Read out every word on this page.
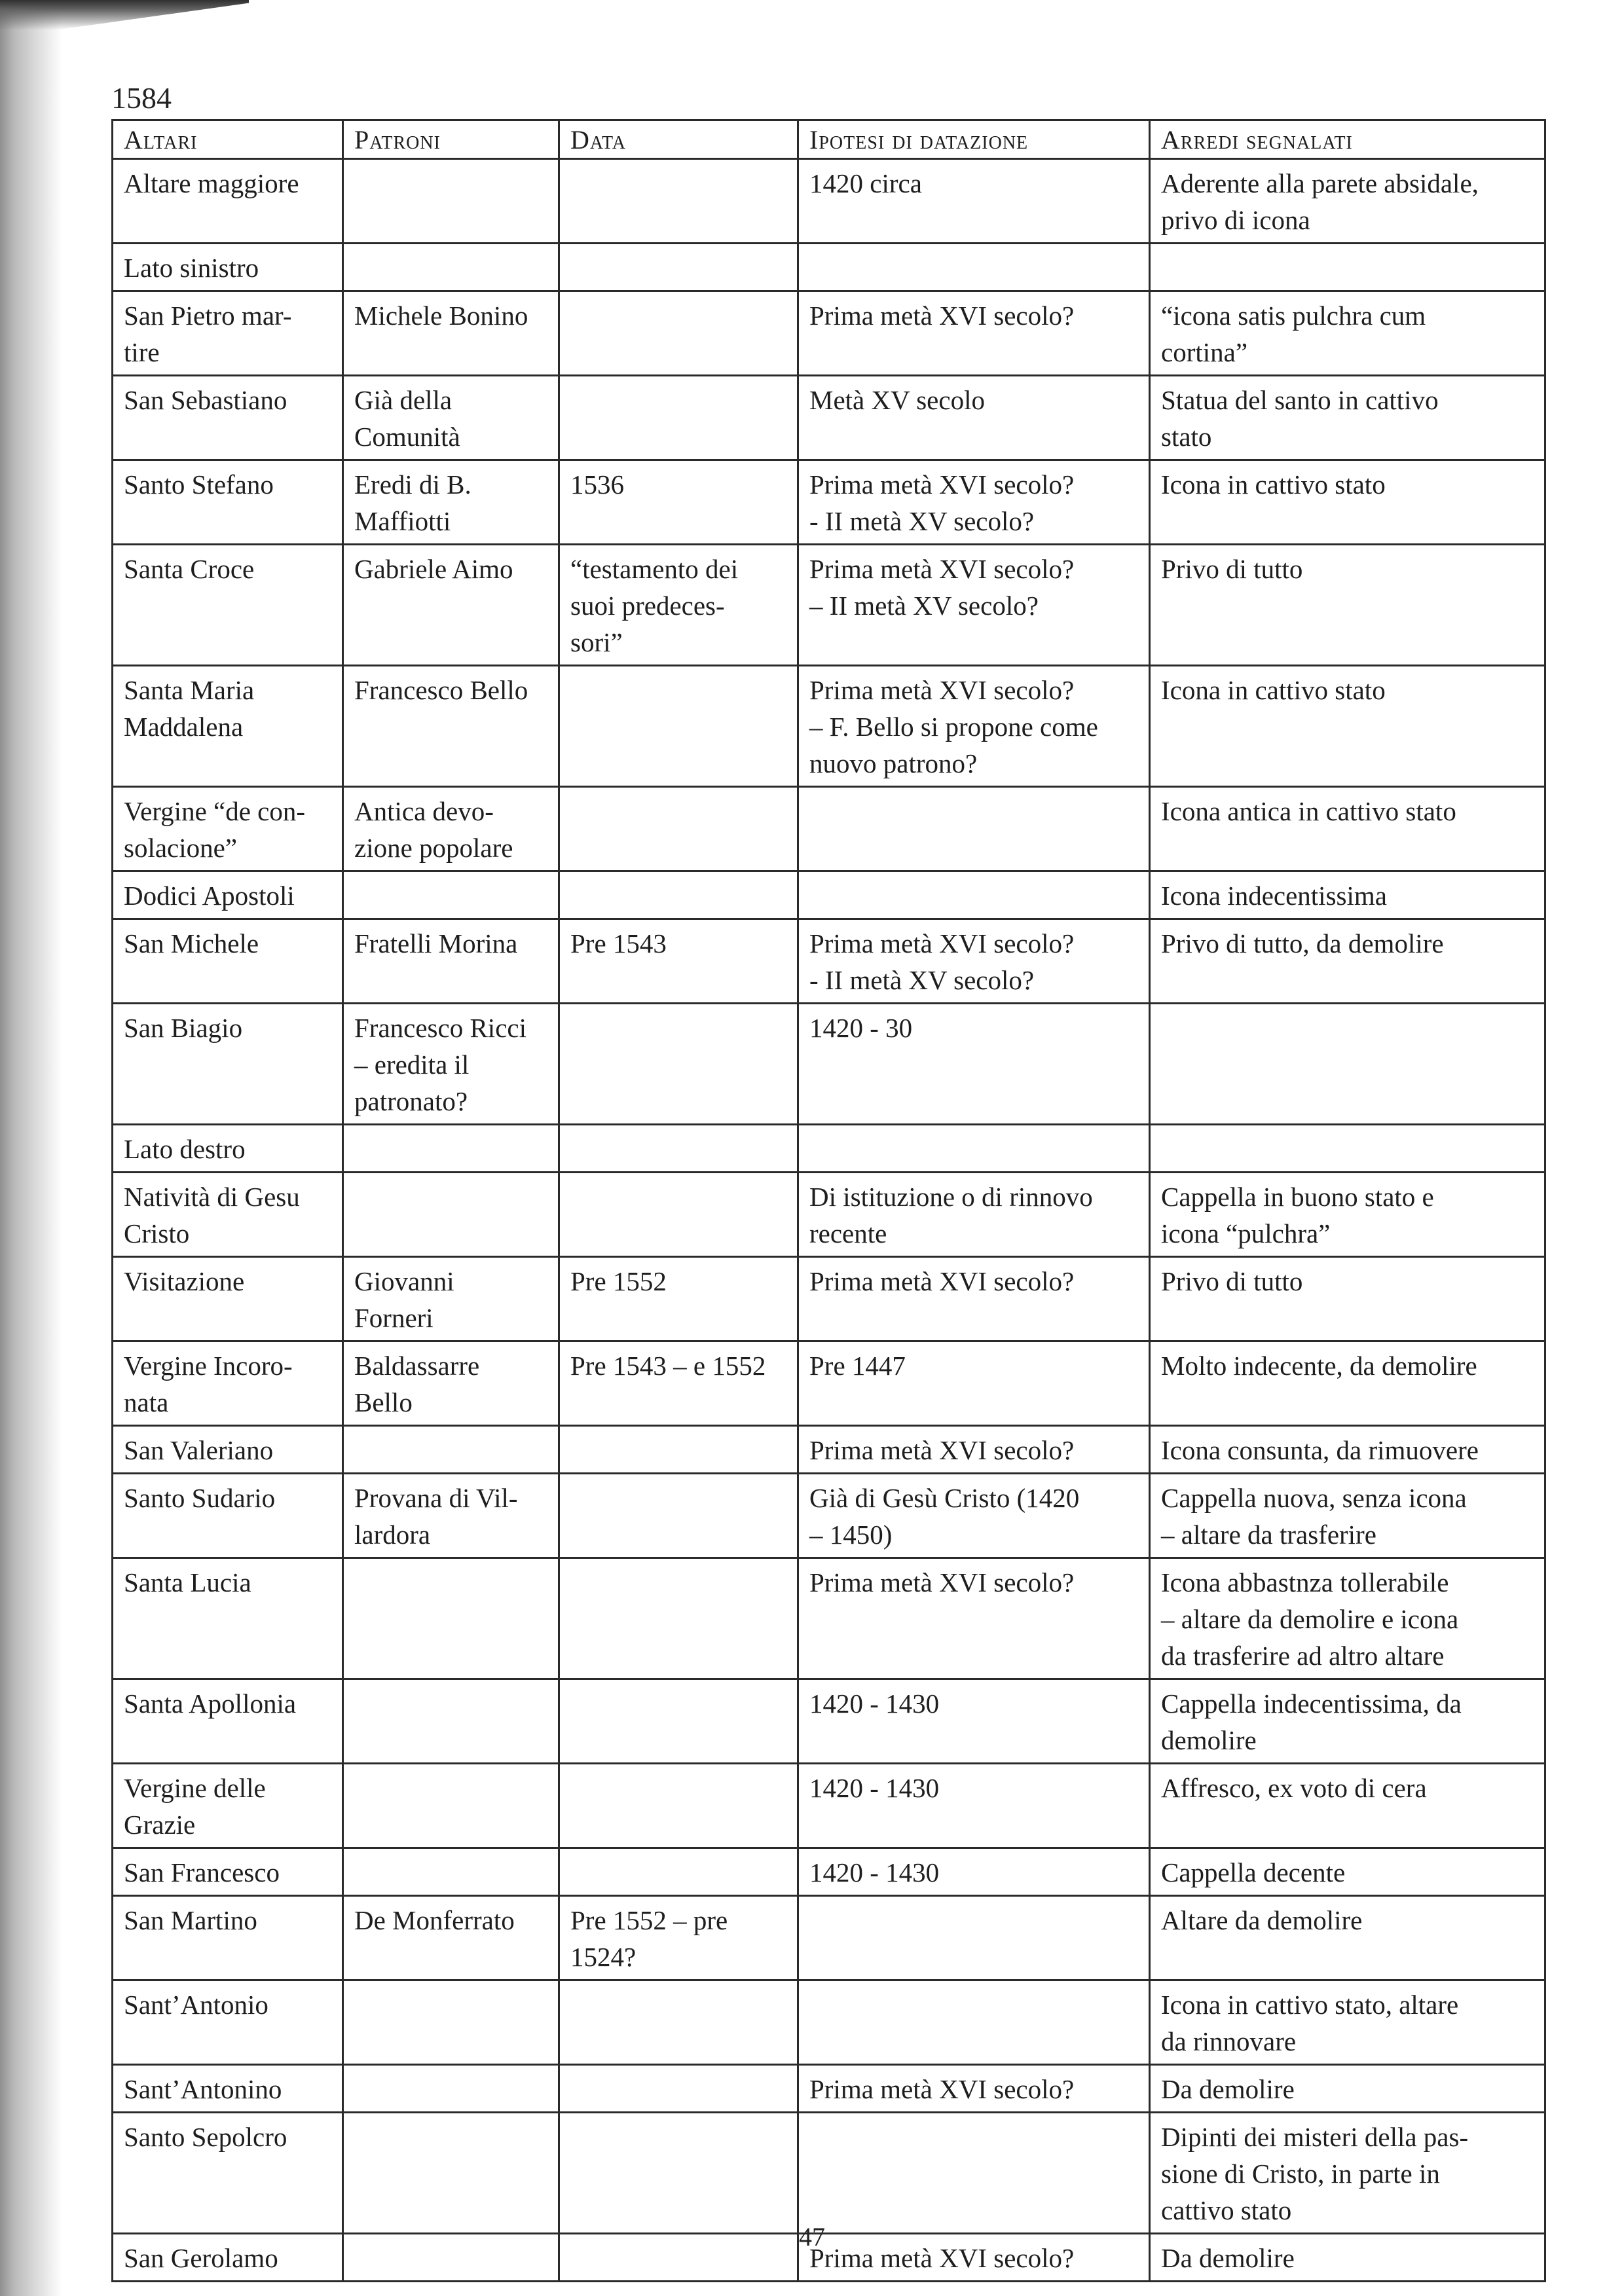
1584
Altari	Patroni	Data	Ipotesi di datazione	Arredi segnalati
Altare maggiore			1420 circa	Aderente alla parete absidale,
privo di icona
Lato sinistro				
San Pietro mar-
tire	Michele Bonino		Prima metà XVI secolo?	“icona satis pulchra cum
cortina”
San Sebastiano	Già della
Comunità		Metà XV secolo	Statua del santo in cattivo
stato
Santo Stefano	Eredi di B.
Maffiotti	1536	Prima metà XVI secolo?
- II metà XV secolo?	Icona in cattivo stato
Santa Croce	Gabriele Aimo	“testamento dei
suoi predeces-
sori”	Prima metà XVI secolo?
– II metà XV secolo?	Privo di tutto
Santa Maria
Maddalena	Francesco Bello		Prima metà XVI secolo?
– F. Bello si propone come
nuovo patrono?	Icona in cattivo stato
Vergine “de con-
solacione”	Antica devo-
zione popolare			Icona antica in cattivo stato
Dodici Apostoli				Icona indecentissima
San Michele	Fratelli Morina	Pre 1543	Prima metà XVI secolo?
- II metà XV secolo?	Privo di tutto, da demolire
San Biagio	Francesco Ricci
– eredita il
patronato?		1420 - 30	
Lato destro				
Natività di Gesu
Cristo			Di istituzione o di rinnovo
recente	Cappella in buono stato e
icona “pulchra”
Visitazione	Giovanni
Forneri	Pre 1552	Prima metà XVI secolo?	Privo di tutto
Vergine Incoro-
nata	Baldassarre
Bello	Pre 1543 – e 1552	Pre 1447	Molto indecente, da demolire
San Valeriano			Prima metà XVI secolo?	Icona consunta, da rimuovere
Santo Sudario	Provana di Vil-
lardora		Già di Gesù Cristo (1420
– 1450)	Cappella nuova, senza icona
– altare da trasferire
Santa Lucia			Prima metà XVI secolo?	Icona abbastnza tollerabile
– altare da demolire e icona
da trasferire ad altro altare
Santa Apollonia			1420 - 1430	Cappella indecentissima, da
demolire
Vergine delle
Grazie			1420 - 1430	Affresco, ex voto di cera
San Francesco			1420 - 1430	Cappella decente
San Martino	De Monferrato	Pre 1552 – pre
1524?		Altare da demolire
Sant’Antonio				Icona in cattivo stato, altare
da rinnovare
Sant’Antonino			Prima metà XVI secolo?	Da demolire
Santo Sepolcro				Dipinti dei misteri della pas-
sione di Cristo, in parte in
cattivo stato
San Gerolamo			Prima metà XVI secolo?	Da demolire
47
